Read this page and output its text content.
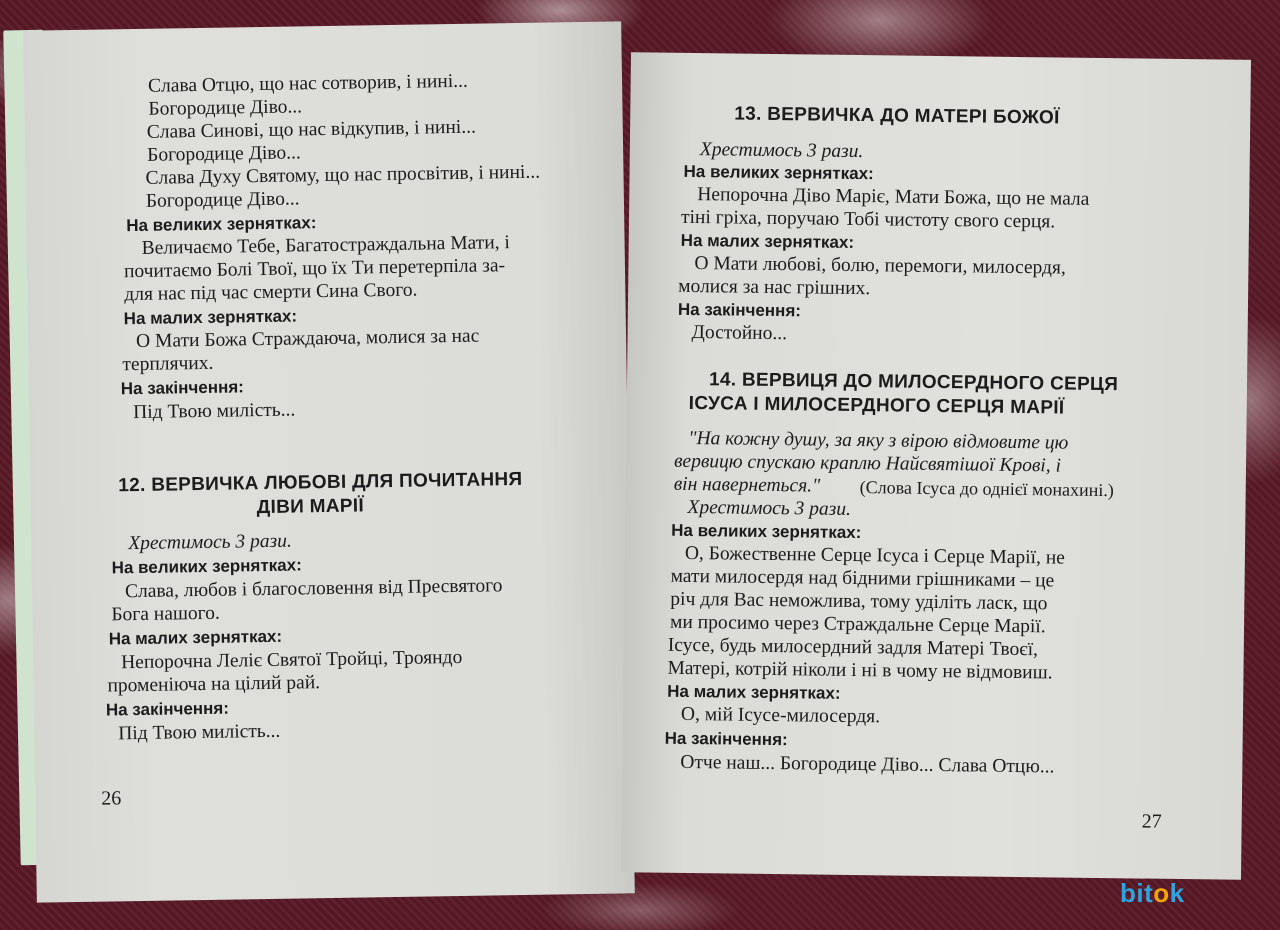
Слава Отцю, що нас сотворив, і нині...
Богородице Діво...
Слава Синові, що нас відкупив, і нині...
Богородице Діво...
Слава Духу Святому, що нас просвітив, і нині...
Богородице Діво...
На великих зернятках:
Величаємо Тебе, Багатостраждальна Мати, і
почитаємо Болі Твої, що їх Ти перетерпіла за-
для нас під час смерти Сина Свого.
На малих зернятках:
О Мати Божа Страждаюча, молися за нас
терплячих.
На закінчення:
Під Твою милість...
12. ВЕРВИЧКА ЛЮБОВІ ДЛЯ ПОЧИТАННЯ
ДІВИ МАРІЇ
Хрестимось 3 рази.
На великих зернятках:
Слава, любов і благословення від Пресвятого
Бога нашого.
На малих зернятках:
Непорочна Леліє Святої Тройці, Трояндо
променіюча на цілий рай.
На закінчення:
Під Твою милість...
26
13. ВЕРВИЧКА ДО МАТЕРІ БОЖОЇ
Хрестимось 3 рази.
На великих зернятках:
Непорочна Діво Маріє, Мати Божа, що не мала
тіні гріха, поручаю Тобі чистоту свого серця.
На малих зернятках:
О Мати любові, болю, перемоги, милосердя,
молися за нас грішних.
На закінчення:
Достойно...
14. ВЕРВИЦЯ ДО МИЛОСЕРДНОГО СЕРЦЯ
ІСУСА І МИЛОСЕРДНОГО СЕРЦЯ МАРІЇ
"На кожну душу, за яку з вірою відмовите цю
вервицю спускаю краплю Найсвятішої Крові, і
він навернеться." (Слова Ісуса до однієї монахині.)
Хрестимось 3 рази.
На великих зернятках:
О, Божественне Серце Ісуса і Серце Марії, не
мати милосердя над бідними грішниками – це
річ для Вас неможлива, тому уділіть ласк, що
ми просимо через Страждальне Серце Марії.
Ісусе, будь милосердний задля Матері Твоєї,
Матері, котрій ніколи і ні в чому не відмовиш.
На малих зернятках:
О, мій Ісусе-милосердя.
На закінчення:
Отче наш... Богородице Діво... Слава Отцю...
27
bitok
